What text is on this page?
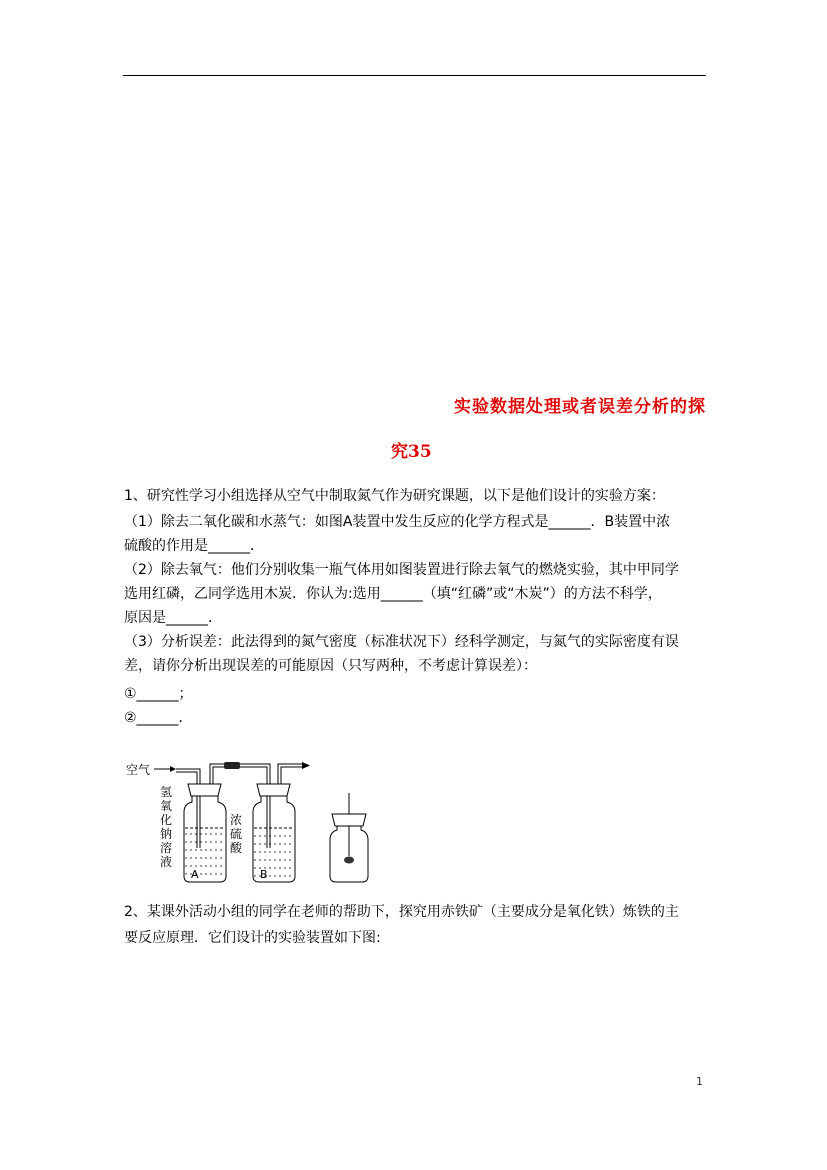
实验数据处理或者误差分析的探
究35
1、研究性学习小组选择从空气中制取氮气作为研究课题，以下是他们设计的实验方案：
（1）除去二氧化碳和水蒸气：如图A装置中发生反应的化学方程式是______．B装置中浓
硫酸的作用是______．
（2）除去氧气：他们分别收集一瓶气体用如图装置进行除去氧气的燃烧实验，其中甲同学
选用红磷，乙同学选用木炭．你认为:选用______（填“红磷”或“木炭”）的方法不科学，
原因是______．
（3）分析误差：此法得到的氮气密度（标准状况下）经科学测定，与氮气的实际密度有误
差，请你分析出现误差的可能原因（只写两种，不考虑计算误差）：
①______；
②______．
空气
氢
氧
化
钠
溶
液
浓
硫
酸
A	B
2、某课外活动小组的同学在老师的帮助下，探究用赤铁矿（主要成分是氧化铁）炼铁的主
要反应原理．它们设计的实验装置如下图:
1
